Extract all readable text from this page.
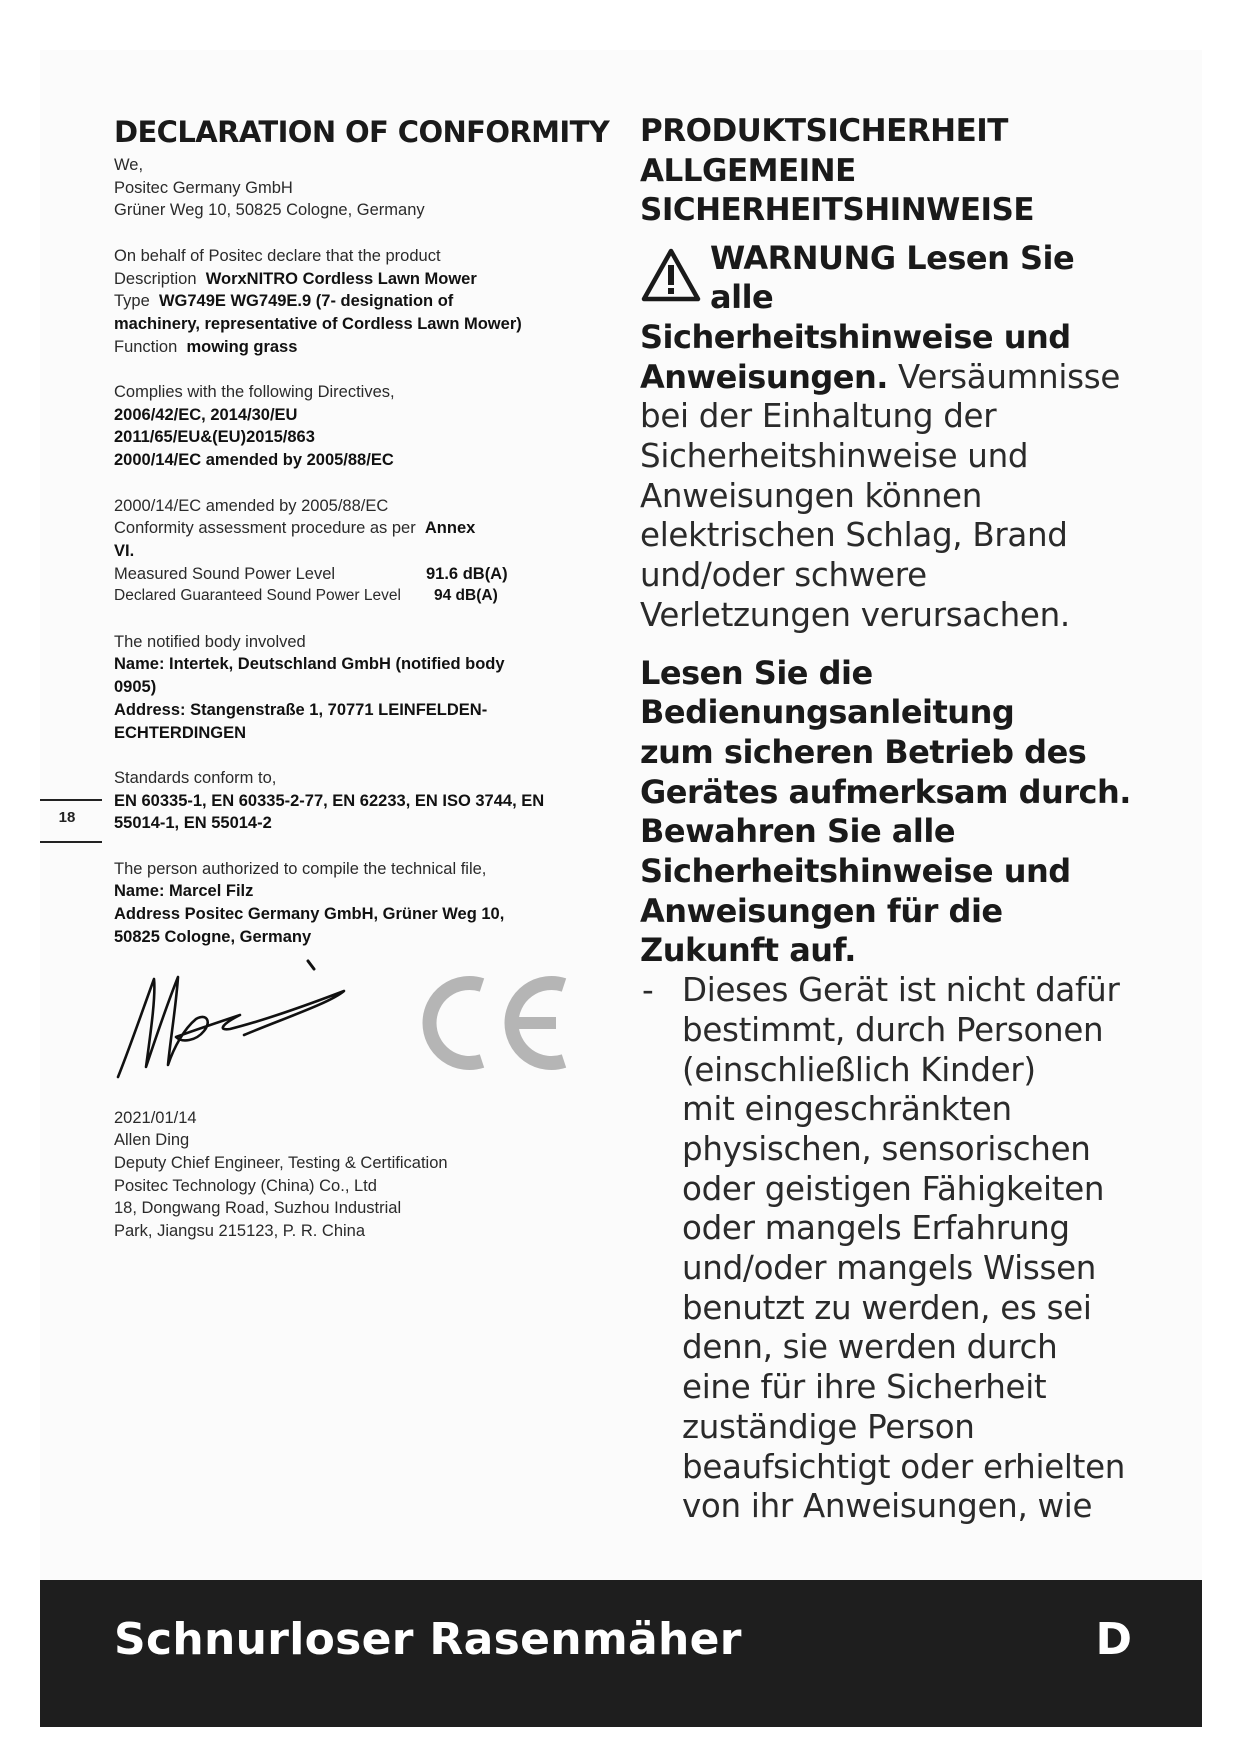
DECLARATION OF CONFORMITY
We,
Positec Germany GmbH
Grüner Weg 10, 50825 Cologne, Germany
On behalf of Positec declare that the product
Description WorxNITRO Cordless Lawn Mower
Type WG749E WG749E.9 (7- designation of
machinery, representative of Cordless Lawn Mower)
Function mowing grass
Complies with the following Directives,
2006/42/EC, 2014/30/EU
2011/65/EU&(EU)2015/863
2000/14/EC amended by 2005/88/EC
2000/14/EC amended by 2005/88/EC
Conformity assessment procedure as per Annex
VI.
Measured Sound Power Level	91.6 dB(A)
Declared Guaranteed Sound Power Level	94 dB(A)
The notified body involved
Name: Intertek, Deutschland GmbH (notified body
0905)
Address: Stangenstraße 1, 70771 LEINFELDEN-
ECHTERDINGEN
Standards conform to,
EN 60335-1, EN 60335-2-77, EN 62233, EN ISO 3744, EN
55014-1, EN 55014-2
The person authorized to compile the technical file,
Name: Marcel Filz
Address Positec Germany GmbH, Grüner Weg 10,
50825 Cologne, Germany
2021/01/14
Allen Ding
Deputy Chief Engineer, Testing & Certification
Positec Technology (China) Co., Ltd
18, Dongwang Road, Suzhou Industrial
Park, Jiangsu 215123, P. R. China
18
PRODUKTSICHERHEIT
ALLGEMEINE
SICHERHEITSHINWEISE
WARNUNG Lesen Sie
alle
Sicherheitshinweise und
Anweisungen. Versäumnisse
bei der Einhaltung der
Sicherheitshinweise und
Anweisungen können
elektrischen Schlag, Brand
und/oder schwere
Verletzungen verursachen.
Lesen Sie die
Bedienungsanleitung
zum sicheren Betrieb des
Gerätes aufmerksam durch.
Bewahren Sie alle
Sicherheitshinweise und
Anweisungen für die
Zukunft auf.
- Dieses Gerät ist nicht dafür
bestimmt, durch Personen
(einschließlich Kinder)
mit eingeschränkten
physischen, sensorischen
oder geistigen Fähigkeiten
oder mangels Erfahrung
und/oder mangels Wissen
benutzt zu werden, es sei
denn, sie werden durch
eine für ihre Sicherheit
zuständige Person
beaufsichtigt oder erhielten
von ihr Anweisungen, wie
Schnurloser Rasenmäher	D
